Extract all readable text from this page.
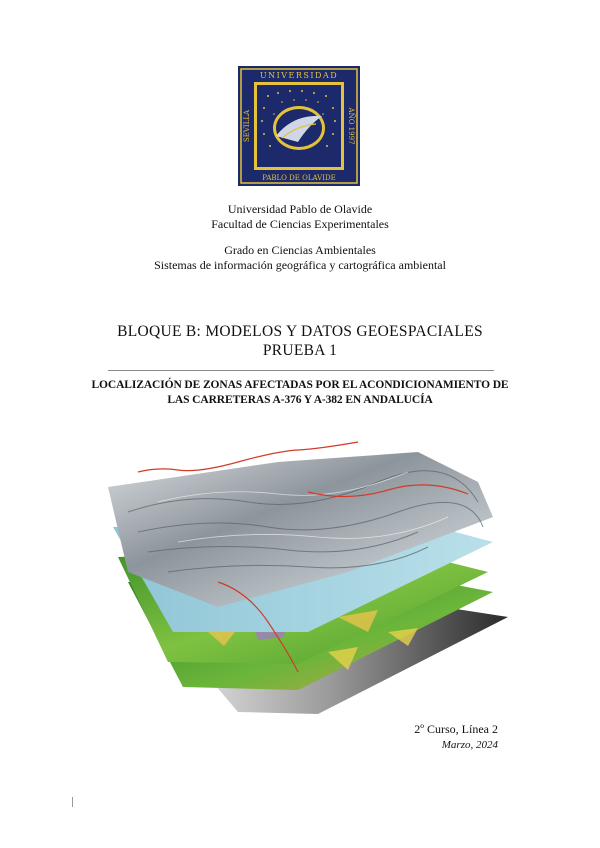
UNIVERSIDAD
PABLO DE OLAVIDE
SEVILLA	AÑO 1997
Universidad Pablo de Olavide
Facultad de Ciencias Experimentales
Grado en Ciencias Ambientales
Sistemas de información geográfica y cartográfica ambiental
BLOQUE B: MODELOS Y DATOS GEOESPACIALES
PRUEBA 1
LOCALIZACIÓN DE ZONAS AFECTADAS POR EL ACONDICIONAMIENTO DE
LAS CARRETERAS A-376 Y A-382 EN ANDALUCÍA
2º Curso, Línea 2
Marzo, 2024
